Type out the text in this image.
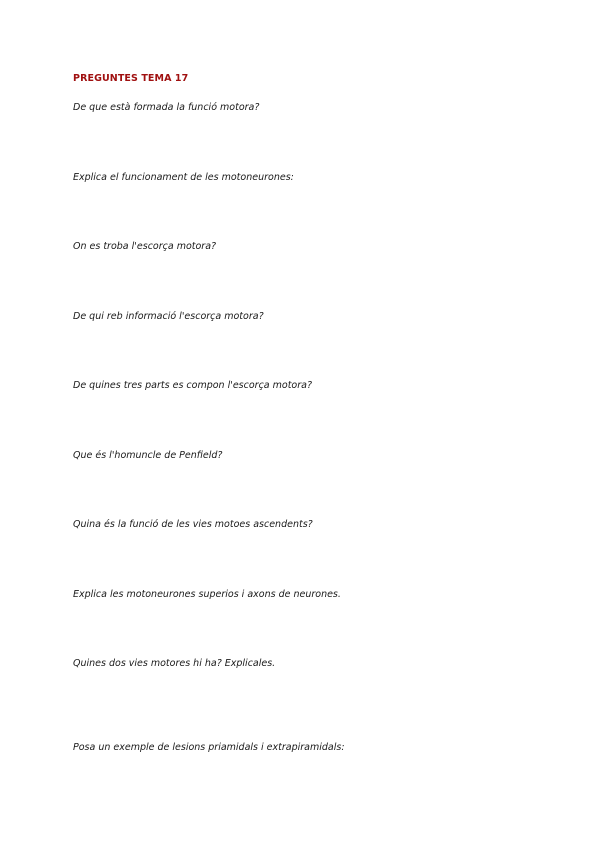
PREGUNTES TEMA 17
De que està formada la funció motora?
Explica el funcionament de les motoneurones:
On es troba l'escorça motora?
De qui reb informació l'escorça motora?
De quines tres parts es compon l'escorça motora?
Que és l'homuncle de Penfield?
Quina és la funció de les vies motoes ascendents?
Explica les motoneurones superios i axons de neurones.
Quines dos vies motores hi ha? Explicales.
Posa un exemple de lesions priamidals i extrapiramidals:
